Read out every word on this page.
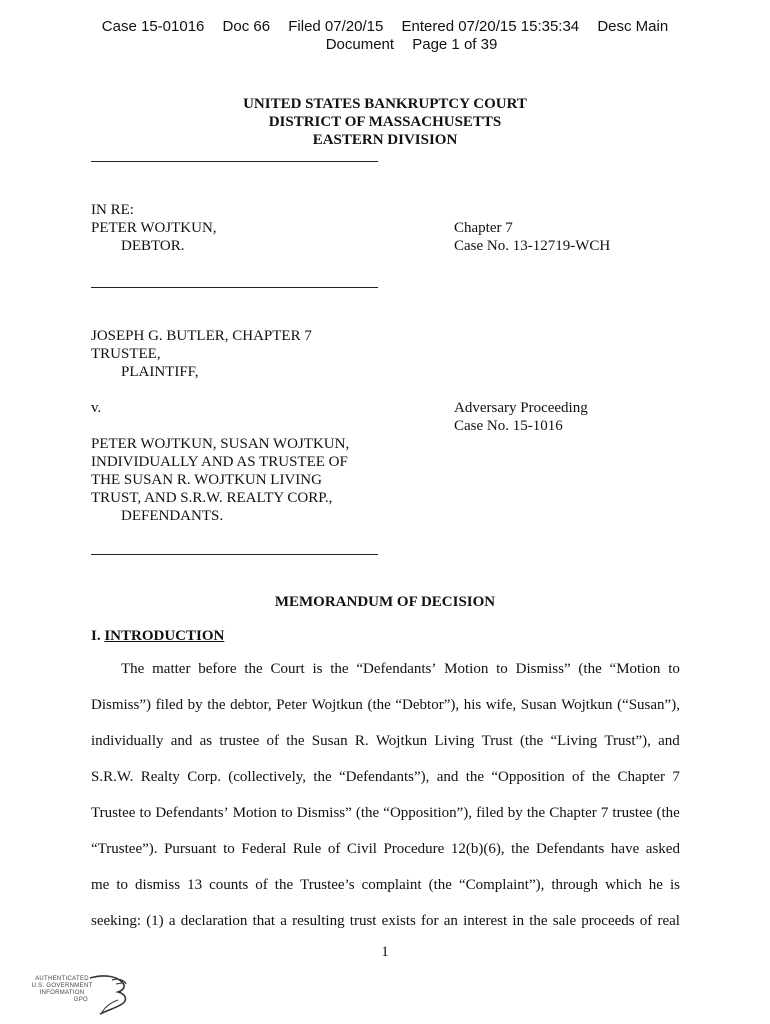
Case 15-01016 Doc 66 Filed 07/20/15 Entered 07/20/15 15:35:34 Desc Main
Document Page 1 of 39
UNITED STATES BANKRUPTCY COURT
DISTRICT OF MASSACHUSETTS
EASTERN DIVISION
IN RE:
PETER WOJTKUN,
DEBTOR.
Chapter 7
Case No. 13-12719-WCH
JOSEPH G. BUTLER, CHAPTER 7
TRUSTEE,
PLAINTIFF,
v.	Adversary Proceeding
Case No. 15-1016
PETER WOJTKUN, SUSAN WOJTKUN,
INDIVIDUALLY AND AS TRUSTEE OF
THE SUSAN R. WOJTKUN LIVING
TRUST, AND S.R.W. REALTY CORP.,
DEFENDANTS.
MEMORANDUM OF DECISION
I. INTRODUCTION
The matter before the Court is the “Defendants’ Motion to Dismiss” (the “Motion to
Dismiss”) filed by the debtor, Peter Wojtkun (the “Debtor”), his wife, Susan Wojtkun (“Susan”),
individually and as trustee of the Susan R. Wojtkun Living Trust (the “Living Trust”), and
S.R.W. Realty Corp. (collectively, the “Defendants”), and the “Opposition of the Chapter 7
Trustee to Defendants’ Motion to Dismiss” (the “Opposition”), filed by the Chapter 7 trustee (the
“Trustee”). Pursuant to Federal Rule of Civil Procedure 12(b)(6), the Defendants have asked
me to dismiss 13 counts of the Trustee’s complaint (the “Complaint”), through which he is
seeking: (1) a declaration that a resulting trust exists for an interest in the sale proceeds of real
1
AUTHENTICATED
U.S. GOVERNMENT
INFORMATION
GPO
